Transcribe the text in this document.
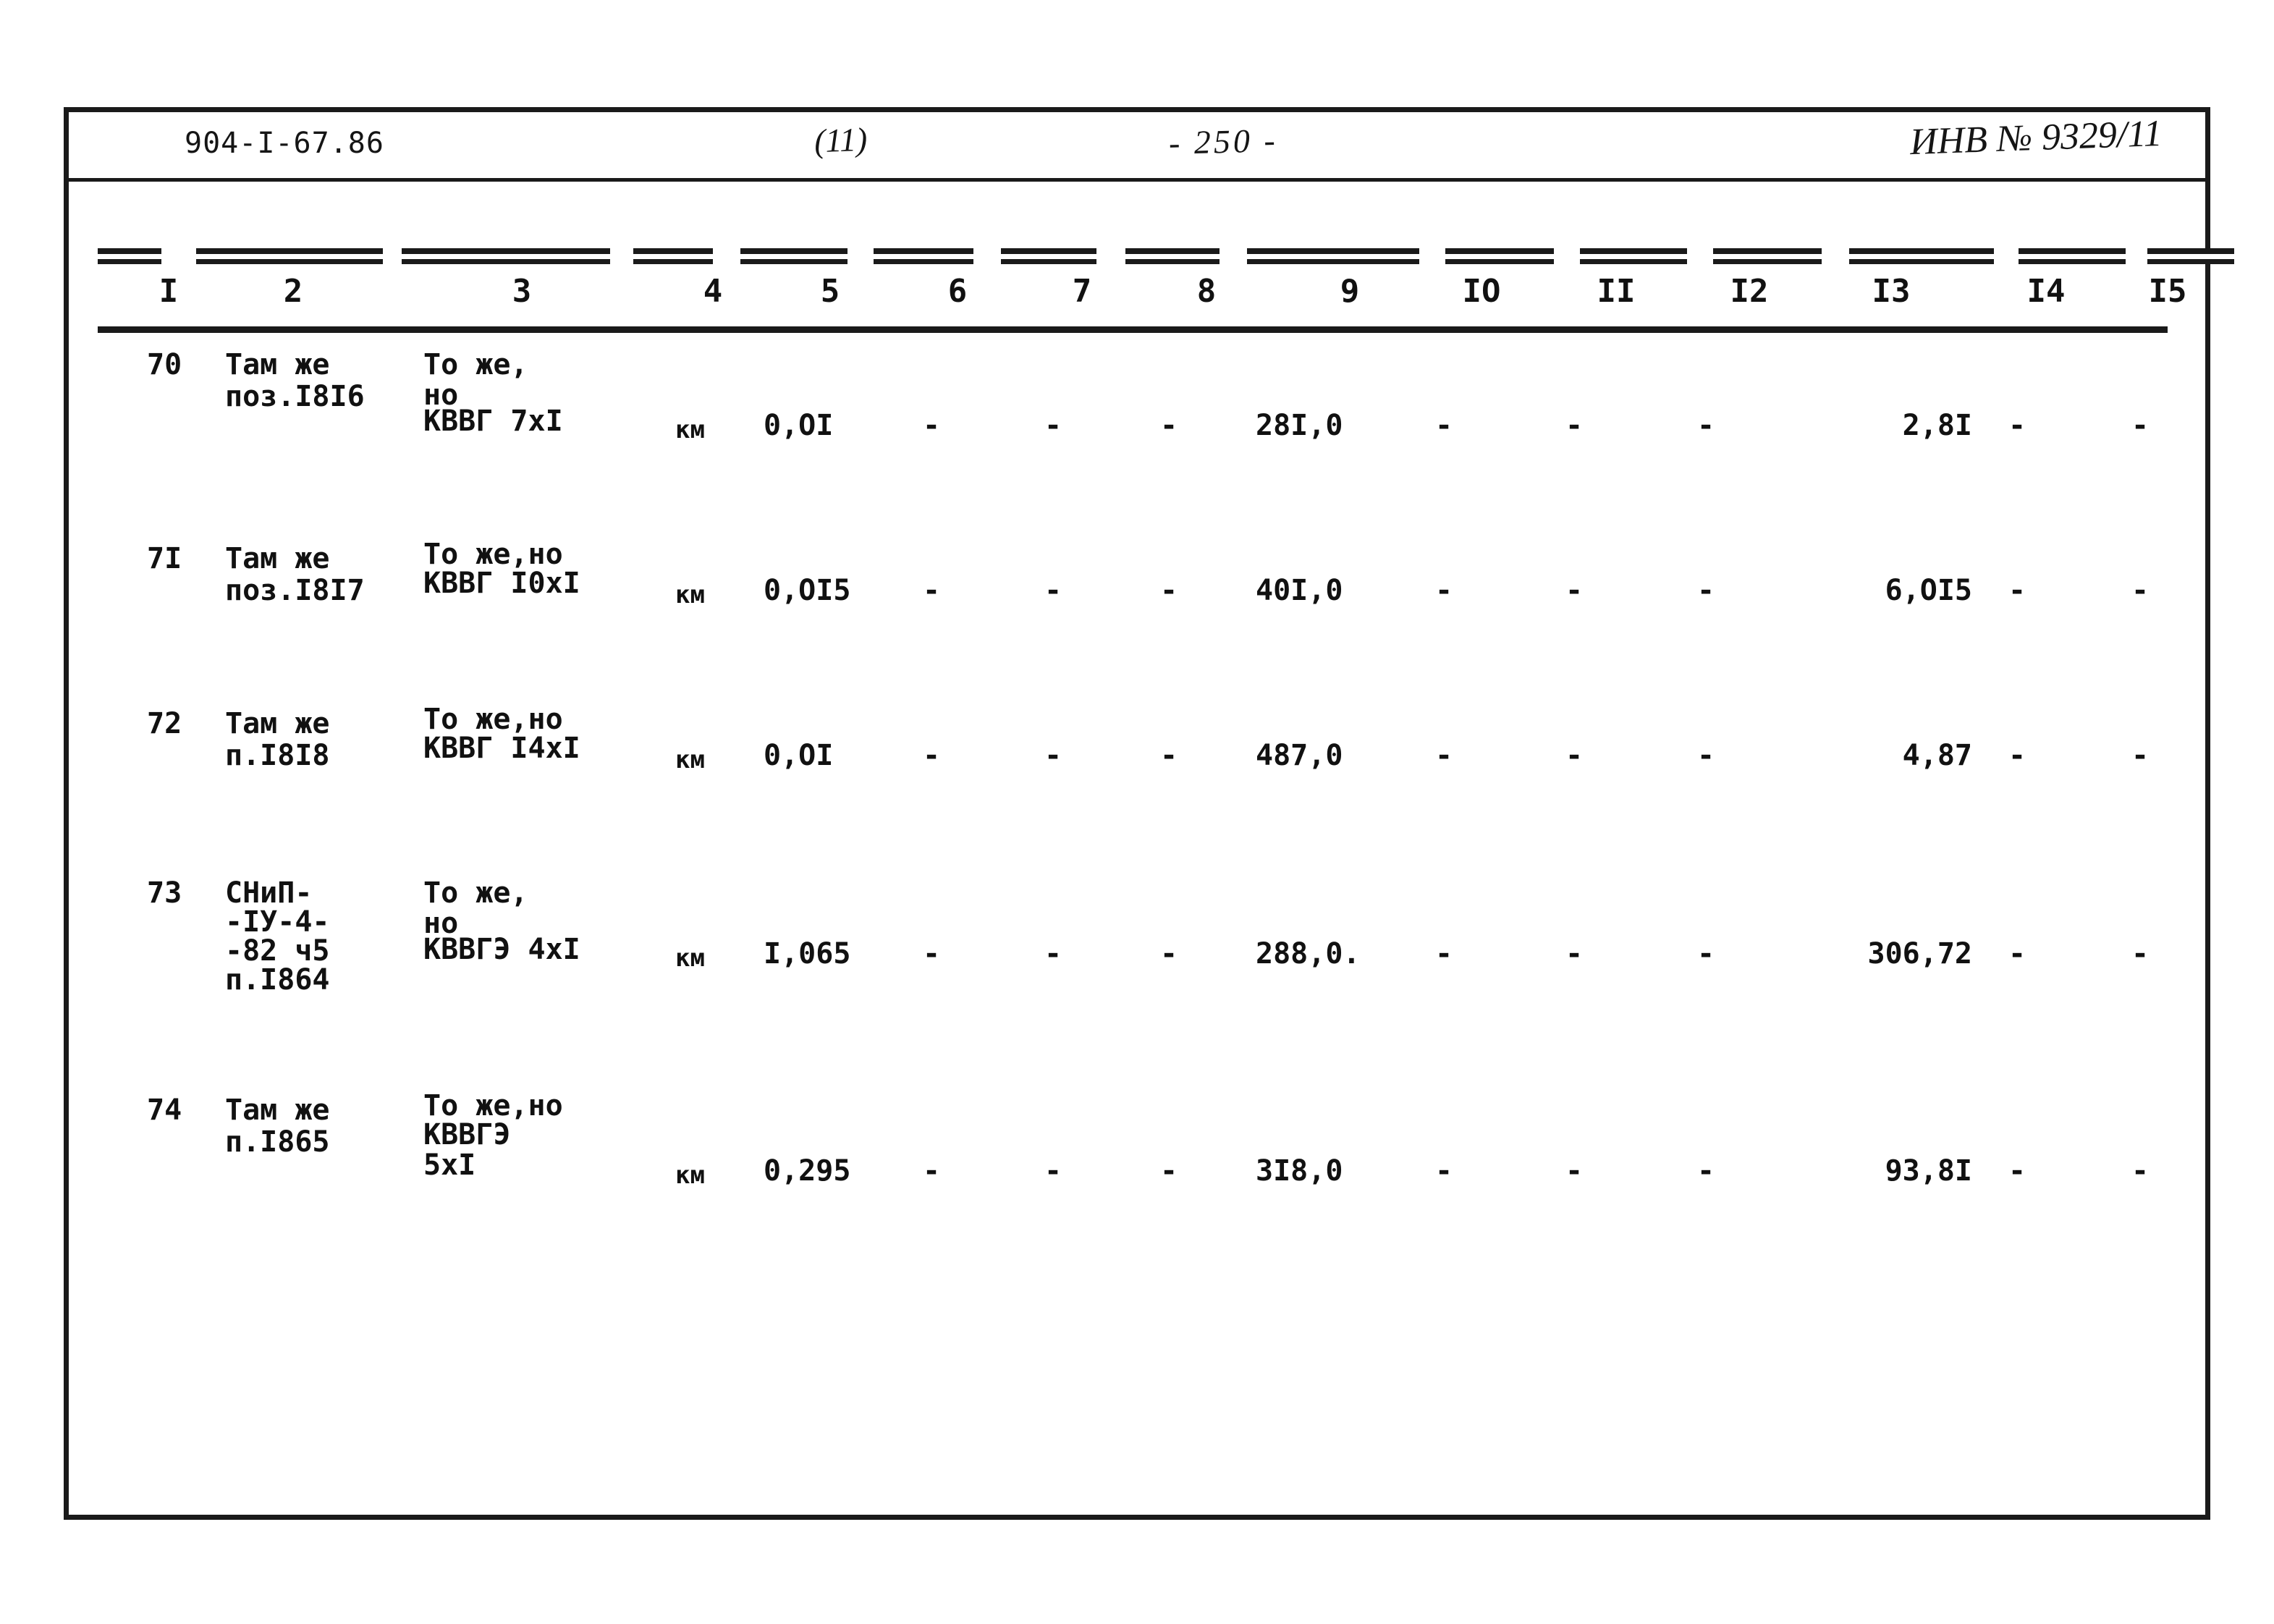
904-I-67.86	(11)	- 250 -	ИНВ № 9329/11
I	2	3	4	5	6	7	8	9	IO	II	I2	I3	I4	I5
70	Там же
поз.I8I6
То же,
но
КВВГ 7xI	км	0,OI	-	-	-	28I,0	-	-	-	2,8I -	-
7I	Там же
поз.I8I7
То же,но
КВВГ I0xI	км	0,OI5	-	-	-	40I,0	-	-	-	6,OI5 -	-
72	Там же
п.I8I8
То же,но
КВВГ I4xI	км	0,OI	-	-	-	487,0	-	-	-	4,87 -	-
73	СНиП-
-IУ-4-
-82 ч5
п.I864
То же,
но
КВВГЭ 4xI	км	I,065	-	-	-	288,0.	-	-	-	306,72 -	-
74	Там же
п.I865
То же,но
КВВГЭ
5xI	км	0,295	-	-	-	3I8,0	-	-	-	93,8I -	-
